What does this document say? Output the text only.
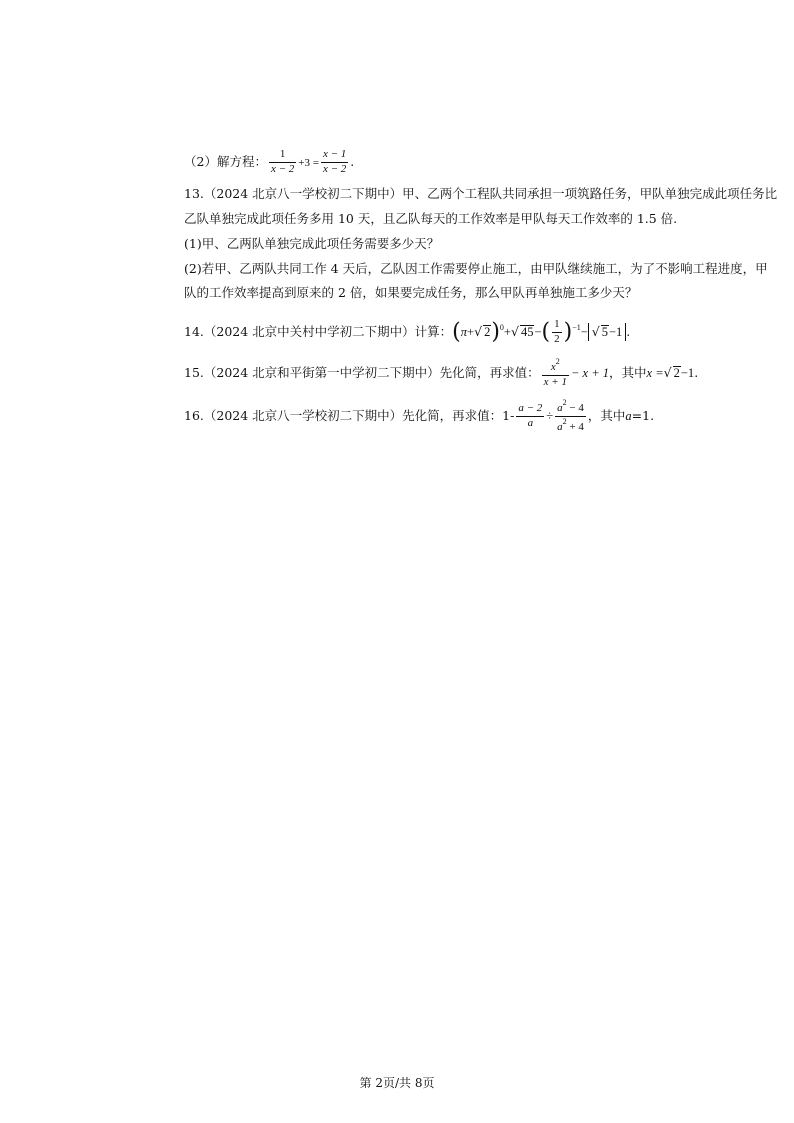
（2）解方程： $\frac{1}{x - 2} +3 = \frac{x - 1}{x - 2}$ .
13.（2024 北京八一学校初二下期中）甲、乙两个工程队共同承担一项筑路任务，甲队单独完成此项任务比
乙队单独完成此项任务多用 10 天，且乙队每天的工作效率是甲队每天工作效率的 1.5 倍.
(1)甲、乙两队单独完成此项任务需要多少天？
(2)若甲、乙两队共同工作 4 天后，乙队因工作需要停止施工，由甲队继续施工，为了不影响工程进度，甲
队的工作效率提高到原来的 2 倍，如果要完成任务，那么甲队再单独施工多少天？
14.（2024 北京中关村中学初二下期中）计算：(π+√ 2)$^0$+√ $45-( \frac{1}{2} )^{-1}-$ √ 5−1 .
15.（2024 北京和平街第一中学初二下期中）先化简，再求值： $\frac{x^2}{x + 1} - x + 1$，其中x =√ 2−1.
16.（2024 北京八一学校初二下期中）先化简，再求值：$1- \frac{a - 2}{a} \div \frac{a^2 - 4}{a^2 + 4}$ ，其中a=1.
第 2页/共 8页
